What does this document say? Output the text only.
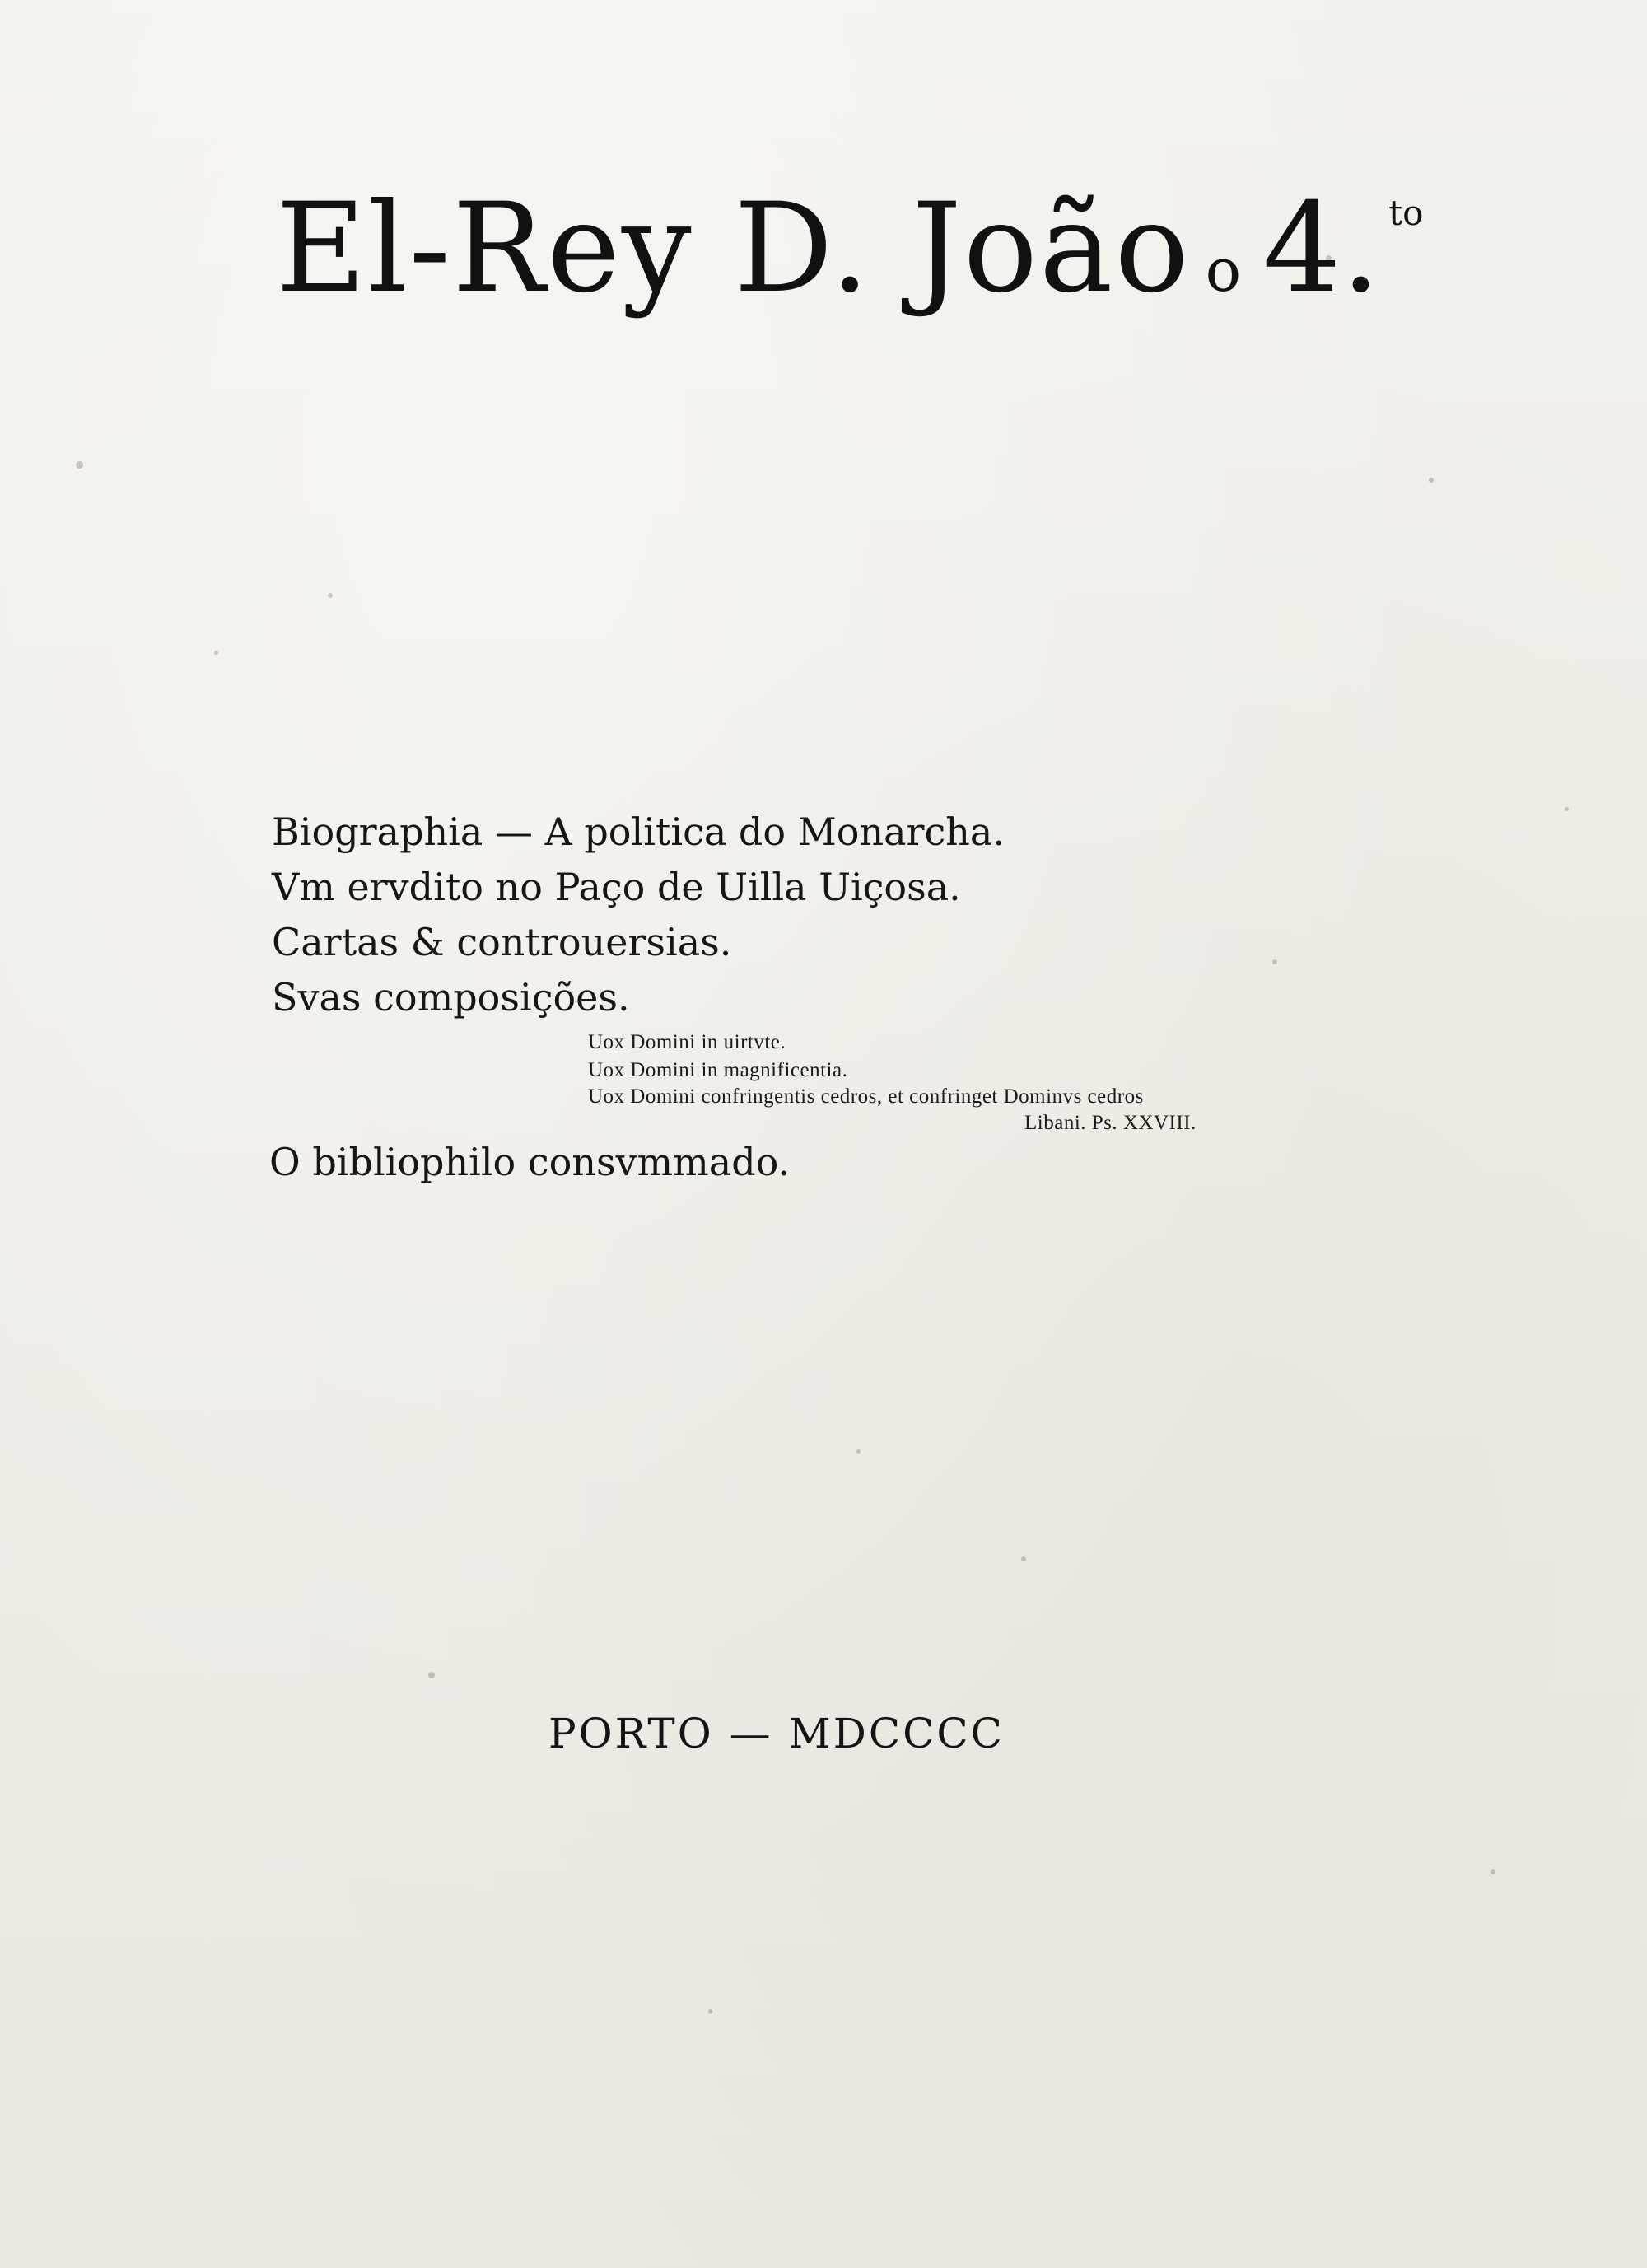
El-Rey D. João o 4. $^{to}$
Biographia — A politica do Monarcha.
Vm ervdito no Paço de Uilla Uiçosa.
Cartas & controuersias.
Svas composições.
Uox Domini in uirtvte.
Uox Domini in magnificentia.
Uox Domini confringentis cedros, et confringet Dominvs cedros
Libani. Ps. XXVIII.
O bibliophilo consvmmado.
PORTO — MDCCCC
